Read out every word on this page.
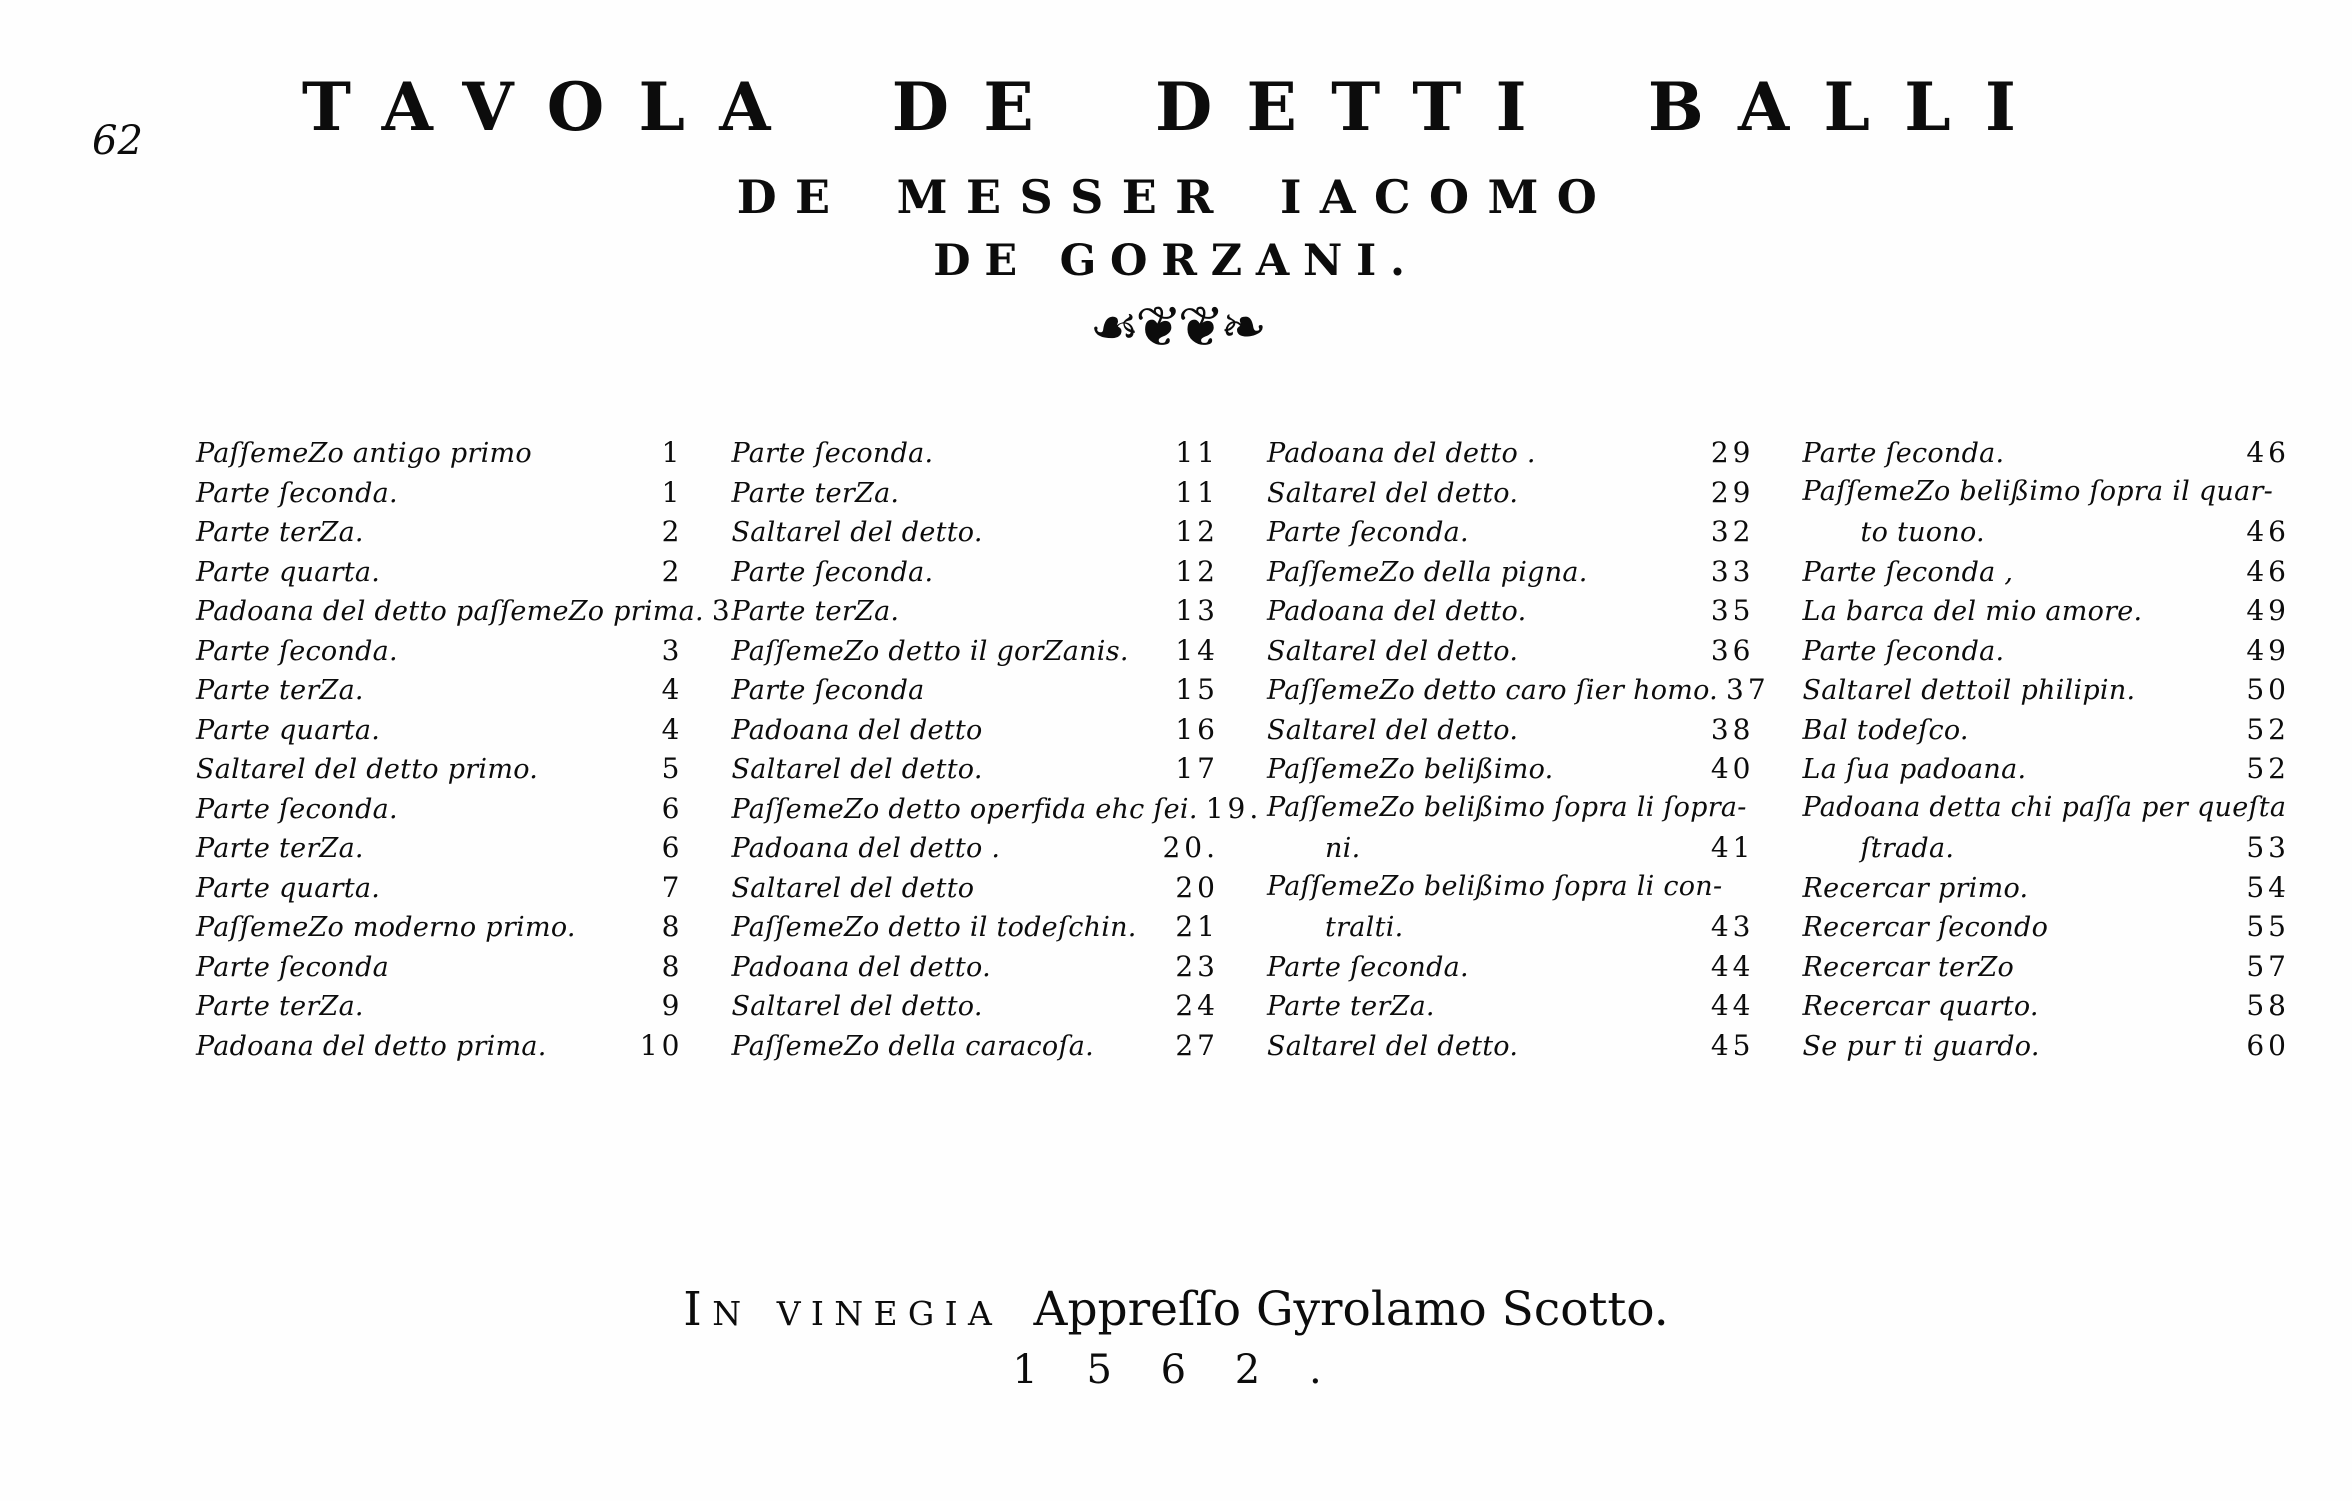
62	TAVOLA DE DETTI BALLI
DE MESSER IACOMO
DE GORZANI.
☙❦❦❧
PaſſemeZo antigo primo	1
Parte ſeconda.	1
Parte terZa.	2
Parte quarta.	2
Padoana del detto paſſemeZo prima. 3
Parte ſeconda.	3
Parte terZa.	4
Parte quarta.	4
Saltarel del detto primo.	5
Parte ſeconda.	6
Parte terZa.	6
Parte quarta.	7
PaſſemeZo moderno primo.	8
Parte ſeconda	8
Parte terZa.	9
Padoana del detto prima.	10
Parte ſeconda.	11
Parte terZa.	11
Saltarel del detto.	12
Parte ſeconda.	12
Parte terZa.	13
PaſſemeZo detto il gorZanis. 14
Parte ſeconda	15
Padoana del detto	16
Saltarel del detto.	17
PaſſemeZo detto operfida ehc ſei. 19.
Padoana del detto .	20.
Saltarel del detto	20
PaſſemeZo detto il todeſchin. 21
Padoana del detto.	23
Saltarel del detto.	24
PaſſemeZo della caracoſa.	27
Padoana del detto .	29
Saltarel del detto.	29
Parte ſeconda.	32
PaſſemeZo della pigna.	33
Padoana del detto.	35
Saltarel del detto.	36
PaſſemeZo detto caro ſier homo. 37
Saltarel del detto.	38
PaſſemeZo belißimo.	40
PaſſemeZo belißimo ſopra li ſopra-
ni.	41
PaſſemeZo belißimo ſopra li con-
tralti.	43
Parte ſeconda.	44
Parte terZa.	44
Saltarel del detto.	45
Parte ſeconda.	46
PaſſemeZo belißimo ſopra il quar-
to tuono.	46
Parte ſeconda ,	46
La barca del mio amore.	49
Parte ſeconda.	49
Saltarel dettoil philipin.	50
Bal todeſco.	52
La ſua padoana.	52
Padoana detta chi paſſa per queſta
ſtrada.	53
Recercar primo.	54
Recercar ſecondo	55
Recercar terZo	57
Recercar quarto.	58
Se pur ti guardo.	60
In vinegia Appreſſo Gyrolamo Scotto.
1 5 6 2 .
